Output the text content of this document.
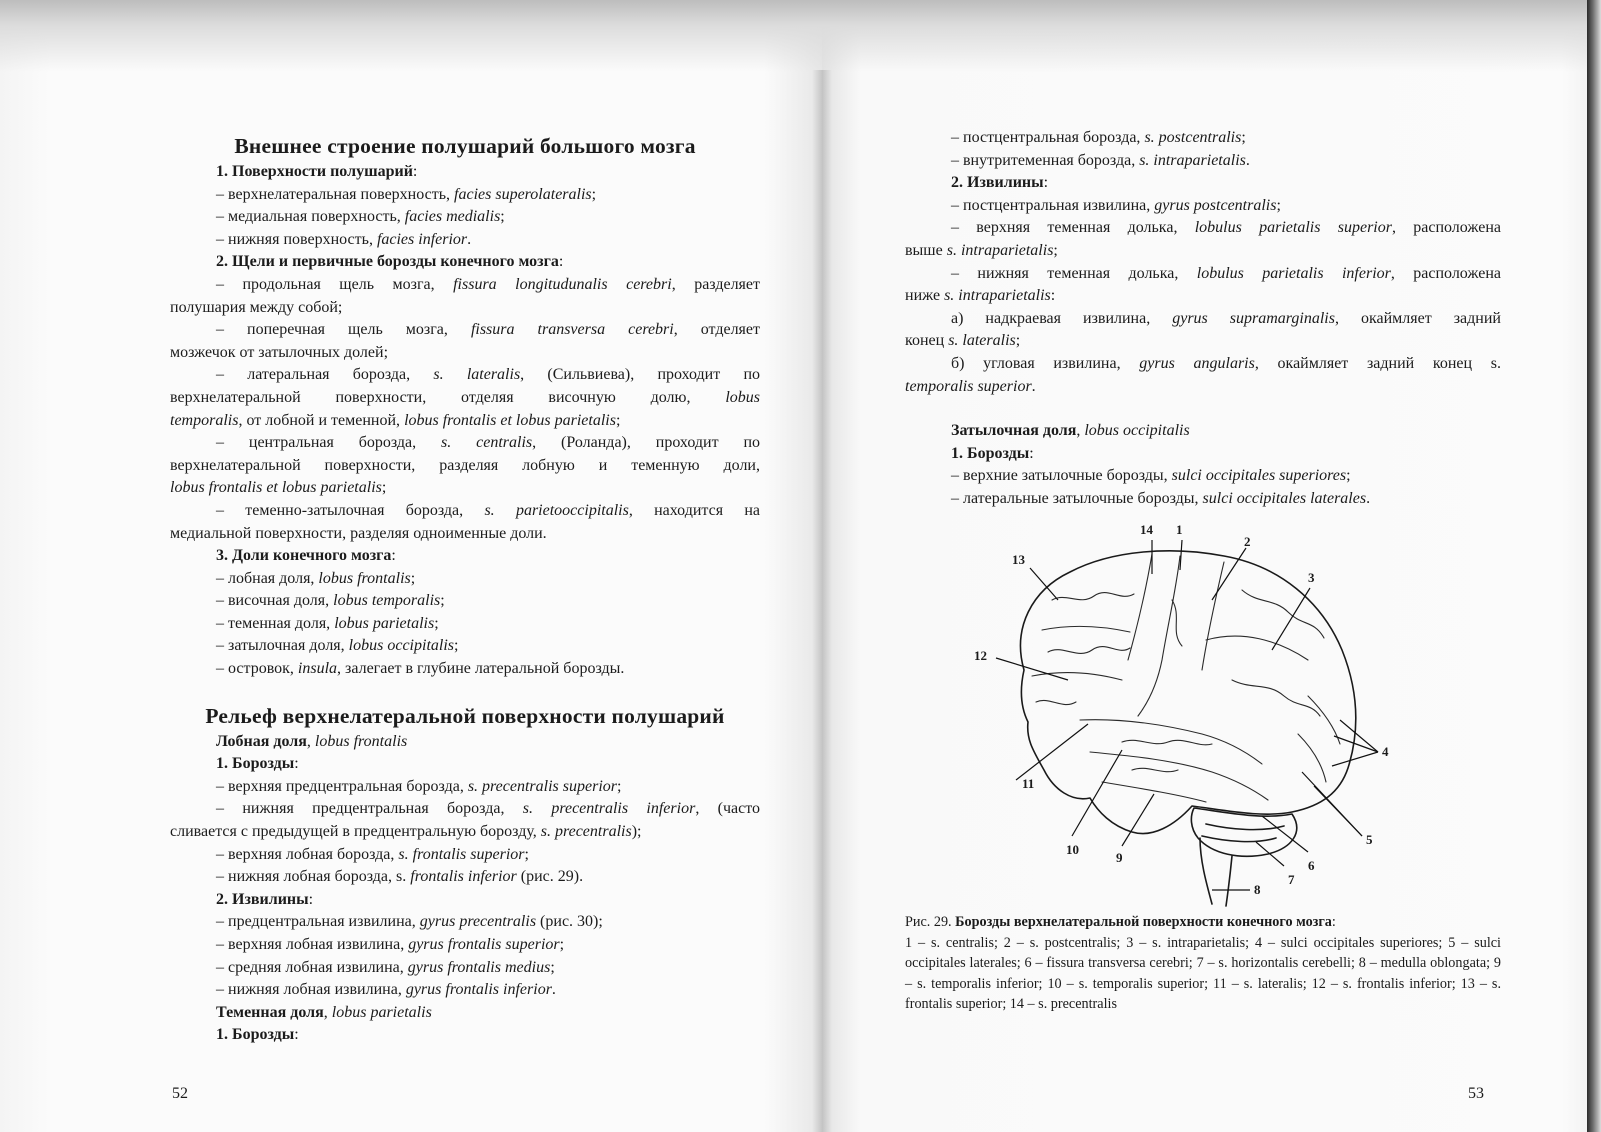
Внешнее строение полушарий большого мозга

1. Поверхности полушарий:

– верхнелатеральная поверхность, facies superolateralis;

– медиальная поверхность, facies medialis;

– нижняя поверхность, facies inferior.

2. Щели и первичные борозды конечного мозга:

– продольная щель мозга, fissura longitudunalis cerebri, разделяет

полушария между собой;

– поперечная щель мозга, fissura transversa cerebri, отделяет

мозжечок от затылочных долей;

– латеральная борозда, s. lateralis, (Сильвиева), проходит по

верхнелатеральной поверхности, отделяя височную долю, lobus

temporalis, от лобной и теменной, lobus frontalis et lobus parietalis;

– центральная борозда, s. centralis, (Роланда), проходит по

верхнелатеральной поверхности, разделяя лобную и теменную доли,

lobus frontalis et lobus parietalis;

– теменно-затылочная борозда, s. parietooccipitalis, находится на

медиальной поверхности, разделяя одноименные доли.

3. Доли конечного мозга:

– лобная доля, lobus frontalis;

– височная доля, lobus temporalis;

– теменная доля, lobus parietalis;

– затылочная доля, lobus occipitalis;

– островок, insula, залегает в глубине латеральной борозды.

Рельеф верхнелатеральной поверхности полушарий

Лобная доля, lobus frontalis

1. Борозды:

– верхняя предцентральная борозда, s. precentralis superior;

– нижняя предцентральная борозда, s. precentralis inferior, (часто

сливается с предыдущей в предцентральную борозду, s. precentralis);

– верхняя лобная борозда, s. frontalis superior;

– нижняя лобная борозда, s. frontalis inferior (рис. 29).

2. Извилины:

– предцентральная извилина, gyrus precentralis (рис. 30);

– верхняя лобная извилина, gyrus frontalis superior;

– средняя лобная извилина, gyrus frontalis medius;

– нижняя лобная извилина, gyrus frontalis inferior.

Теменная доля, lobus parietalis

1. Борозды:

52

– постцентральная борозда, s. postcentralis;

– внутритеменная борозда, s. intraparietalis.

2. Извилины:

– постцентральная извилина, gyrus postcentralis;

– верхняя теменная долька, lobulus parietalis superior, расположена

выше s. intraparietalis;

– нижняя теменная долька, lobulus parietalis inferior, расположена

ниже s. intraparietalis:

а) надкраевая извилина, gyrus supramarginalis, окаймляет задний

конец s. lateralis;

б) угловая извилина, gyrus angularis, окаймляет задний конец s.

temporalis superior.

Затылочная доля, lobus occipitalis

1. Борозды:

– верхние затылочные борозды, sulci occipitales superiores;

– латеральные затылочные борозды, sulci occipitales laterales.

14 1
2
13
3
12
4
11
5
10
9
6
7
8
Рис. 29. Борозды верхнелатеральной поверхности конечного мозга:
1 – s. centralis; 2 – s. postcentralis; 3 – s. intraparietalis; 4 – sulci occipitales superiores; 5 – sulci occipitales laterales; 6 – fissura transversa cerebri; 7 – s. horizontalis cerebelli; 8 – medulla oblongata; 9 – s. temporalis inferior; 10 – s. temporalis superior; 11 – s. lateralis; 12 – s. frontalis inferior; 13 – s. frontalis superior; 14 – s. precentralis
53
